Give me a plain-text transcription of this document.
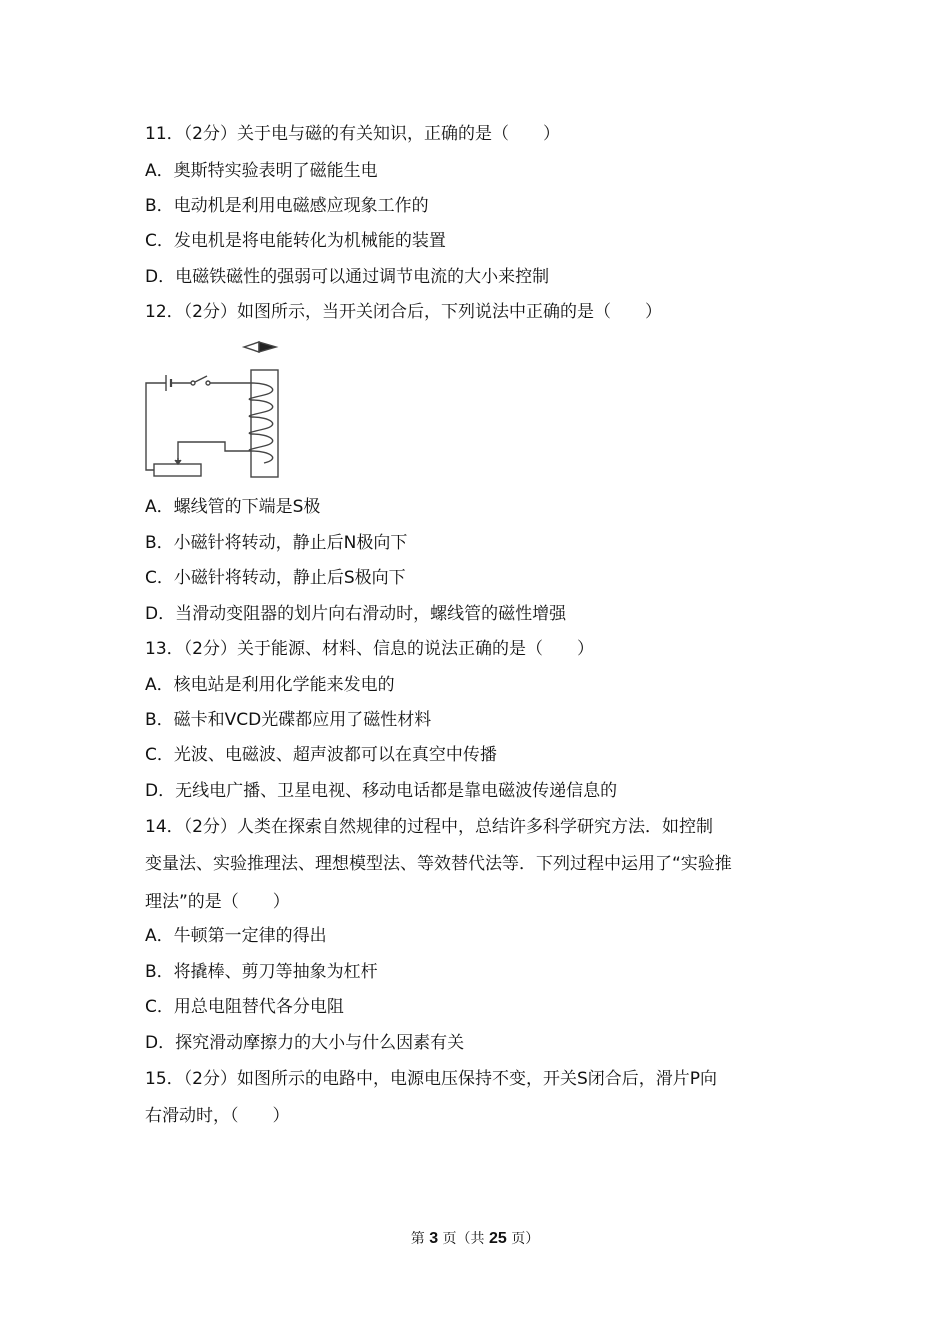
11．（2分）关于电与磁的有关知识，正确的是（　　）
A．奥斯特实验表明了磁能生电
B．电动机是利用电磁感应现象工作的
C．发电机是将电能转化为机械能的装置
D．电磁铁磁性的强弱可以通过调节电流的大小来控制
12．（2分）如图所示，当开关闭合后，下列说法中正确的是（　　）
A．螺线管的下端是S极
B．小磁针将转动，静止后N极向下
C．小磁针将转动，静止后S极向下
D．当滑动变阻器的划片向右滑动时，螺线管的磁性增强
13．（2分）关于能源、材料、信息的说法正确的是（　　）
A．核电站是利用化学能来发电的
B．磁卡和VCD光碟都应用了磁性材料
C．光波、电磁波、超声波都可以在真空中传播
D．无线电广播、卫星电视、移动电话都是靠电磁波传递信息的
14．（2分）人类在探索自然规律的过程中，总结许多科学研究方法．如控制
变量法、实验推理法、理想模型法、等效替代法等．下列过程中运用了“实验推
理法”的是（　　）
A．牛顿第一定律的得出
B．将撬棒、剪刀等抽象为杠杆
C．用总电阻替代各分电阻
D．探究滑动摩擦力的大小与什么因素有关
15．（2分）如图所示的电路中，电源电压保持不变，开关S闭合后，滑片P向
右滑动时，（　　）
第 3 页（共 25 页）
